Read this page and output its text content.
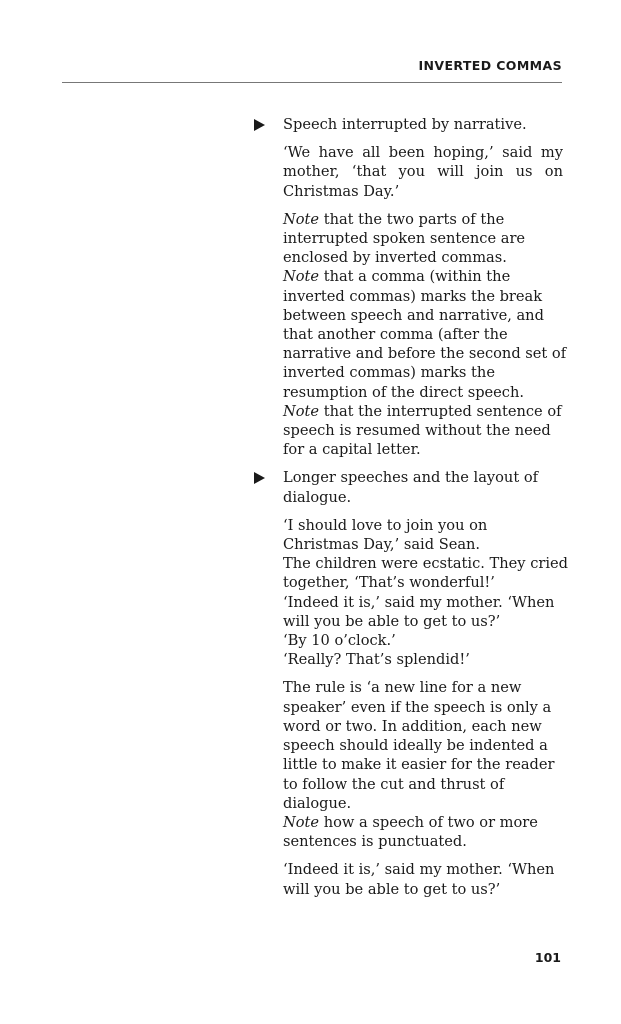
INVERTED COMMAS
Speech interrupted by narrative.
‘We have all been hoping,’ said my
mother, ‘that you will join us on
Christmas Day.’
Note that the two parts of the
interrupted spoken sentence are
enclosed by inverted commas.
Note that a comma (within the
inverted commas) marks the break
between speech and narrative, and
that another comma (after the
narrative and before the second set of
inverted commas) marks the
resumption of the direct speech.
Note that the interrupted sentence of
speech is resumed without the need
for a capital letter.
Longer speeches and the layout of
dialogue.
‘I should love to join you on
Christmas Day,’ said Sean.
The children were ecstatic. They cried
together, ‘That’s wonderful!’
‘Indeed it is,’ said my mother. ‘When
will you be able to get to us?’
‘By 10 o’clock.’
‘Really? That’s splendid!’
The rule is ‘a new line for a new
speaker’ even if the speech is only a
word or two. In addition, each new
speech should ideally be indented a
little to make it easier for the reader
to follow the cut and thrust of
dialogue.
Note how a speech of two or more
sentences is punctuated.
‘Indeed it is,’ said my mother. ‘When
will you be able to get to us?’
101
